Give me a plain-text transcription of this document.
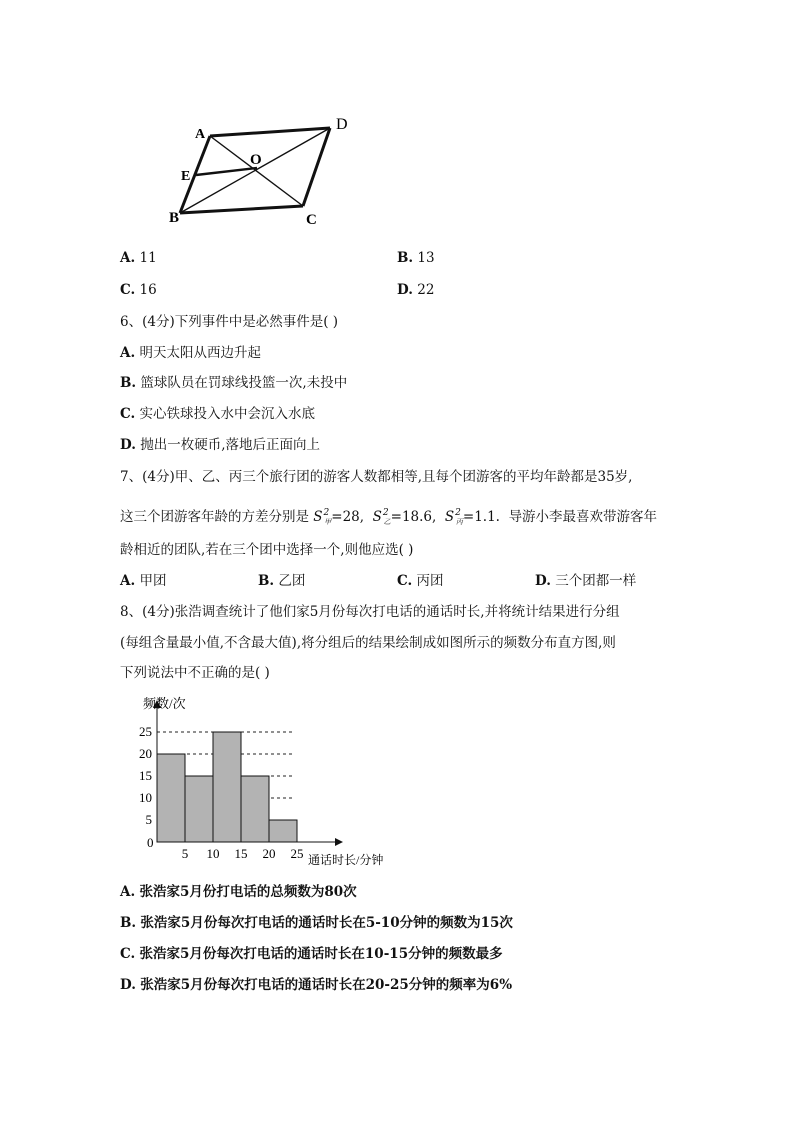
A
D
E
O
B	C
A. 11	B. 13
C. 16	D. 22
6、(4分)下列事件中是必然事件是( )
A. 明天太阳从西边升起
B. 篮球队员在罚球线投篮一次,未投中
C. 实心铁球投入水中会沉入水底
D. 抛出一枚硬币,落地后正面向上
7、(4分)甲、乙、丙三个旅行团的游客人数都相等,且每个团游客的平均年龄都是35岁,
这三个团游客年龄的方差分别是 $S^2_甲=28$, $S^2_乙=18.6$, $S^2_丙=1.1$. 导游小李最喜欢带游客年
龄相近的团队,若在三个团中选择一个,则他应选( )
A. 甲团	B. 乙团	C. 丙团	D. 三个团都一样
8、(4分)张浩调查统计了他们家5月份每次打电话的通话时长,并将统计结果进行分组
(每组含量最小值,不含最大值),将分组后的结果绘制成如图所示的频数分布直方图,则
下列说法中不正确的是( )
5
10
15
20
25
5 10 15 20 25
频数/次
通话时长/分钟
0
A. 张浩家5月份打电话的总频数为80次
B. 张浩家5月份每次打电话的通话时长在5-10分钟的频数为15次
C. 张浩家5月份每次打电话的通话时长在10-15分钟的频数最多
D. 张浩家5月份每次打电话的通话时长在20-25分钟的频率为6%
